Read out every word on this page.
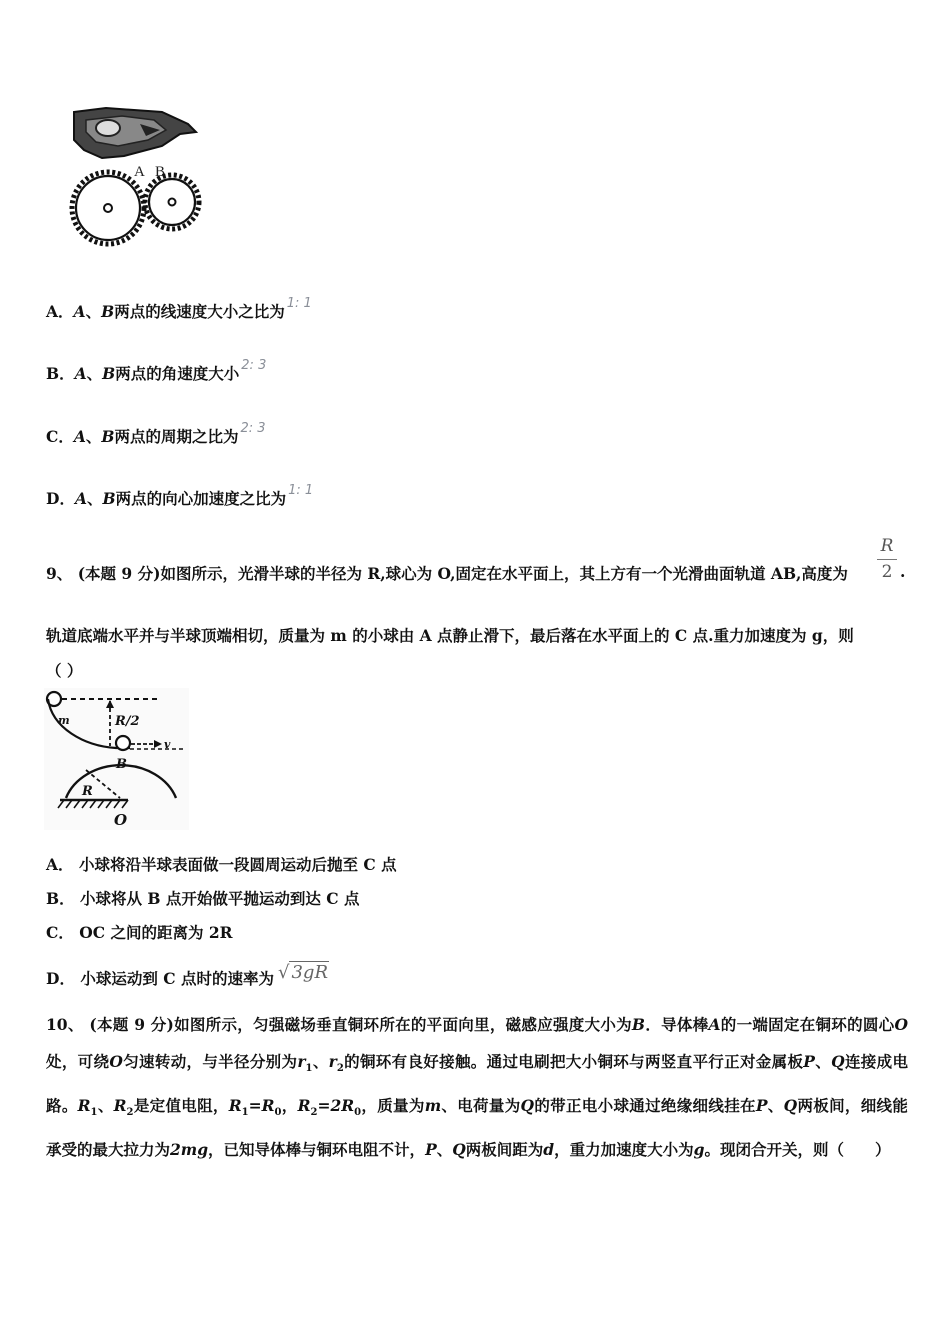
A B
A．A、B两点的线速度大小之比为 $^{1: 1}$
B．A、B两点的角速度大小 $^{2: 3}$
C．A、B两点的周期之比为 $^{2: 3}$
D．A、B两点的向心加速度之比为 $^{1: 1}$
9、 (本题 9 分)如图所示，光滑半球的半径为 R,球心为 O,固定在水平面上，其上方有一个光滑曲面轨道 AB,高度为
R
2 .
轨道底端水平并与半球顶端相切，质量为 m 的小球由 A 点静止滑下，最后落在水平面上的 C 点.重力加速度为 g，则
（ ）
m	R/2
v
B
R
O
A． 小球将沿半球表面做一段圆周运动后抛至 C 点
B． 小球将从 B 点开始做平抛运动到达 C 点
C． OC 之间的距离为 2R
D． 小球运动到 C 点时的速率为 √ 3gR
10、 (本题 9 分)如图所示，匀强磁场垂直铜环所在的平面向里，磁感应强度大小为B．导体棒A的一端固定在铜环的圆心O处，可绕O匀速转动，与半径分别为$r_1$、$r_2$的铜环有良好接触。通过电刷把大小铜环与两竖直平行正对金属板P、Q连接成电路。$R_1$、$R_2$是定值电阻，$R_1=R_0$，$R_2=2R_0$，质量为m、电荷量为Q的带正电小球通过绝缘细线挂在P、Q两板间，细线能承受的最大拉力为2mg，已知导体棒与铜环电阻不计，P、Q两板间距为d，重力加速度大小为g。现闭合开关，则（　　）
